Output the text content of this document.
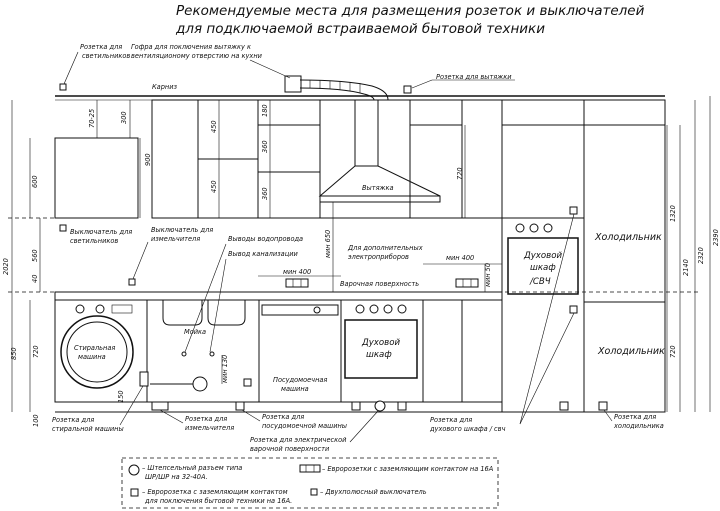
Рекомендуемые места для размещения розеток и выключателей
для подключаемой встраиваемой бытовой техники
Вытяжка
Стиральная
машина
Мойка
Посудомоечная
машина
Духовой
шкаф
Духовой
шкаф
/СВЧ
Холодильник
Холодильник
Розетка для
светильников
Гофра для поключения вытяжку к
вентиляционому отверстию на кухни
Розетка для вытяжки
Карниз
Выключатель для
светильников
Выключатель для
измельчителя	Выводы водопровода
Вывод канализации
Для дополнительных
электроприборов
Варочная поверхность
Розетка для
стиральной машины
Розетка для
измельчителя
Розетка для
посудомоечной машины
Розетка для электрической
варочной поверхности
Розетка для
духового шкафа / свч
Розетка для
холодильника
2020
600
560
40
850 720
150
100
70-25	300
900
450
450
180
360
360
720
мин 650
мин 400
мин 400
мин 50
мин 130
1320
2140
2320
2390
720
– Штепсельный разъем типа
ШР/ШР на 32-40А.
– Евророзетка с заземляющим контактом
для поключения бытовой техники на 16А.
– Евророзетки с заземляющим контактом на 16А
– Двухполюсный выключатель
